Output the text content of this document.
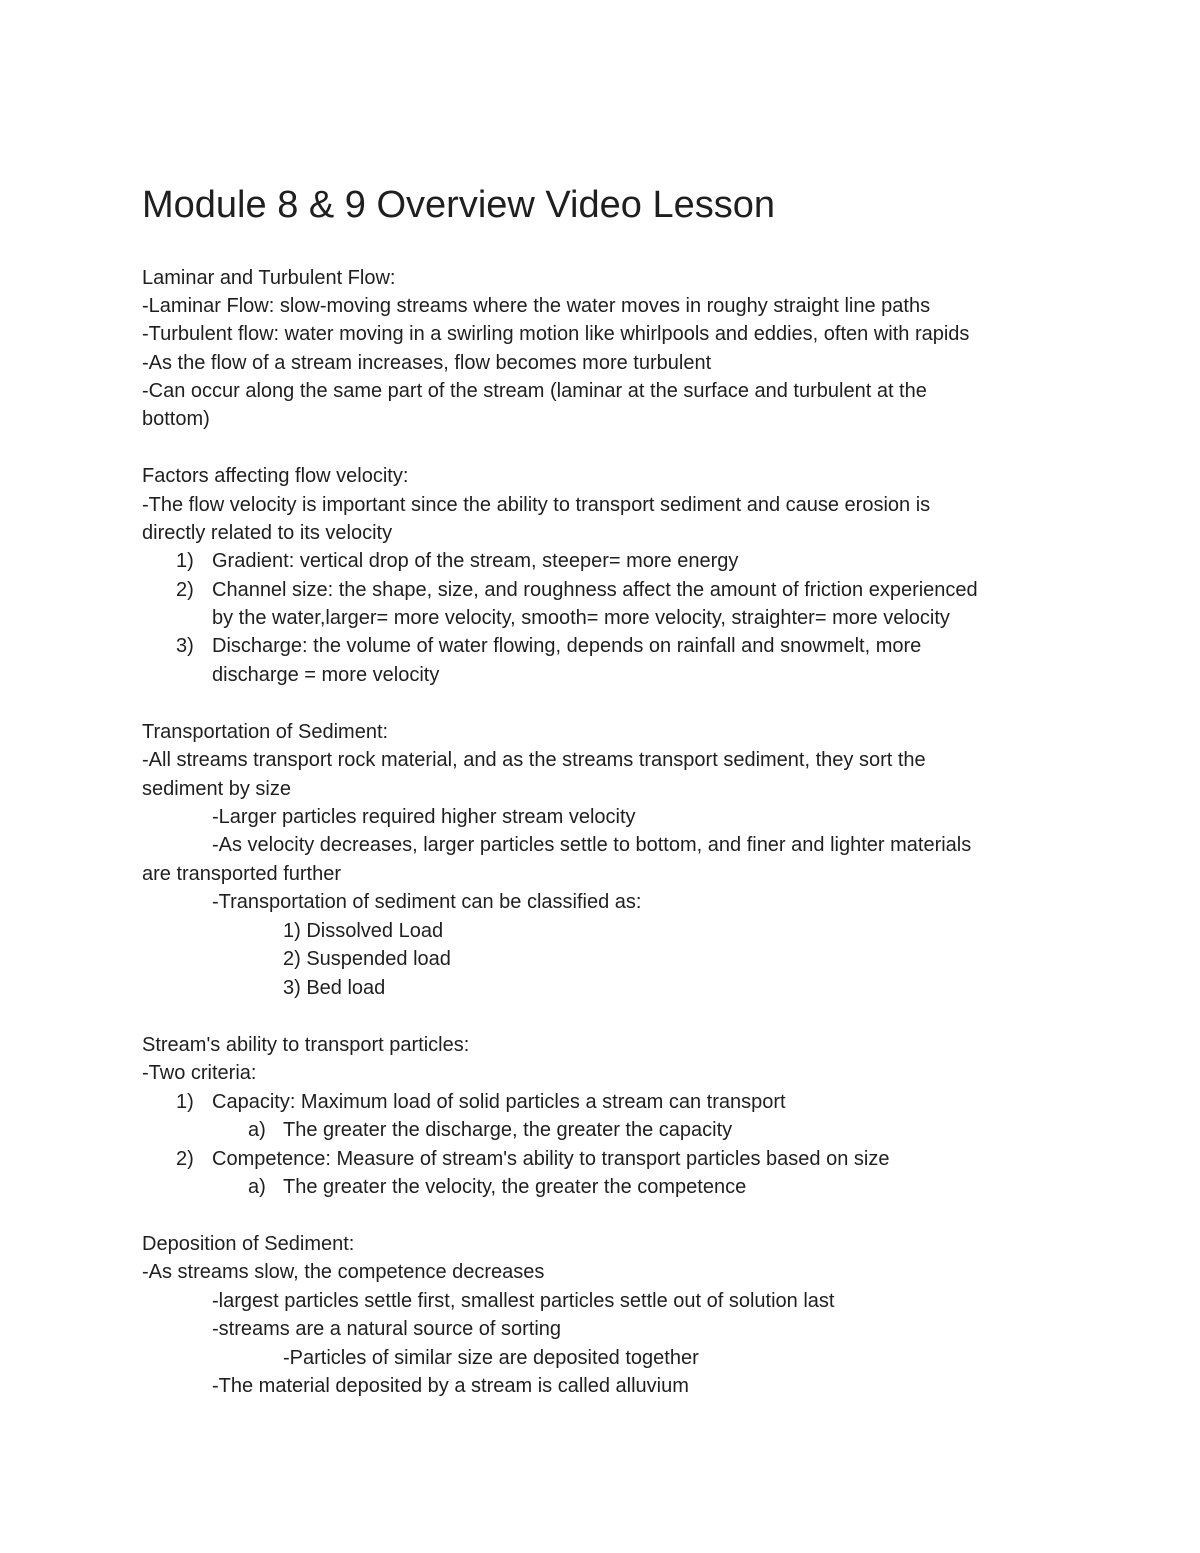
Module 8 & 9 Overview Video Lesson
Laminar and Turbulent Flow:
-Laminar Flow: slow-moving streams where the water moves in roughy straight line paths
-Turbulent flow: water moving in a swirling motion like whirlpools and eddies, often with rapids
-As the flow of a stream increases, flow becomes more turbulent
-Can occur along the same part of the stream (laminar at the surface and turbulent at the
bottom)
Factors affecting flow velocity:
-The flow velocity is important since the ability to transport sediment and cause erosion is
directly related to its velocity
1) Gradient: vertical drop of the stream, steeper= more energy
2) Channel size: the shape, size, and roughness affect the amount of friction experienced
by the water,larger= more velocity, smooth= more velocity, straighter= more velocity
3) Discharge: the volume of water flowing, depends on rainfall and snowmelt, more
discharge = more velocity
Transportation of Sediment:
-All streams transport rock material, and as the streams transport sediment, they sort the
sediment by size
-Larger particles required higher stream velocity
-As velocity decreases, larger particles settle to bottom, and finer and lighter materials
are transported further
-Transportation of sediment can be classified as:
1) Dissolved Load
2) Suspended load
3) Bed load
Stream's ability to transport particles:
-Two criteria:
1) Capacity: Maximum load of solid particles a stream can transport
a) The greater the discharge, the greater the capacity
2) Competence: Measure of stream's ability to transport particles based on size
a) The greater the velocity, the greater the competence
Deposition of Sediment:
-As streams slow, the competence decreases
-largest particles settle first, smallest particles settle out of solution last
-streams are a natural source of sorting
-Particles of similar size are deposited together
-The material deposited by a stream is called alluvium
